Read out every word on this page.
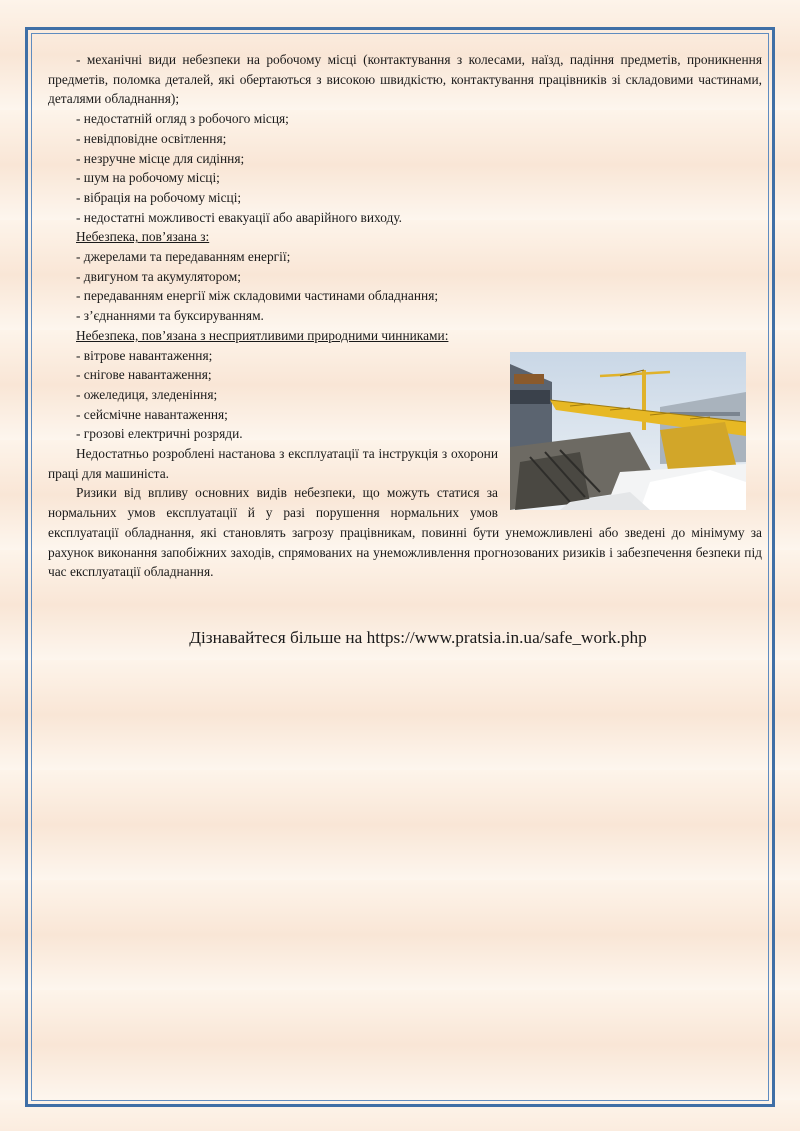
- механічні види небезпеки на робочому місці (контактування з колесами, наїзд, падіння предметів, проникнення предметів, поломка деталей, які обертаються з високою швидкістю, контактування працівників зі складовими частинами, деталями обладнання);

- недостатній огляд з робочого місця;

- невідповідне освітлення;

- незручне місце для сидіння;

- шум на робочому місці;

- вібрація на робочому місці;

- недостатні можливості евакуації або аварійного виходу.

Небезпека, пов’язана з:

- джерелами та передаванням енергії;

- двигуном та акумулятором;

- передаванням енергії між складовими частинами обладнання;

- з’єднаннями та буксируванням.

Небезпека, пов’язана з несприятливими природними чинниками:

- вітрове навантаження;

- снігове навантаження;

- ожеледиця, зледеніння;

- сейсмічне навантаження;

- грозові електричні розряди.

Недостатньо розроблені настанова з експлуатації та інструкція з охорони праці для машиніста.

Ризики від впливу основних видів небезпеки, що можуть статися за нормальних умов експлуатації й у разі порушення нормальних умов експлуатації обладнання, які становлять загрозу працівникам, повинні бути унеможливлені або зведені до мінімуму за рахунок виконання запобіжних заходів, спрямованих на унеможливлення прогнозованих ризиків і забезпечення безпеки під час експлуатації обладнання.

Дізнавайтеся більше на https://www.pratsia.in.ua/safe_work.php
